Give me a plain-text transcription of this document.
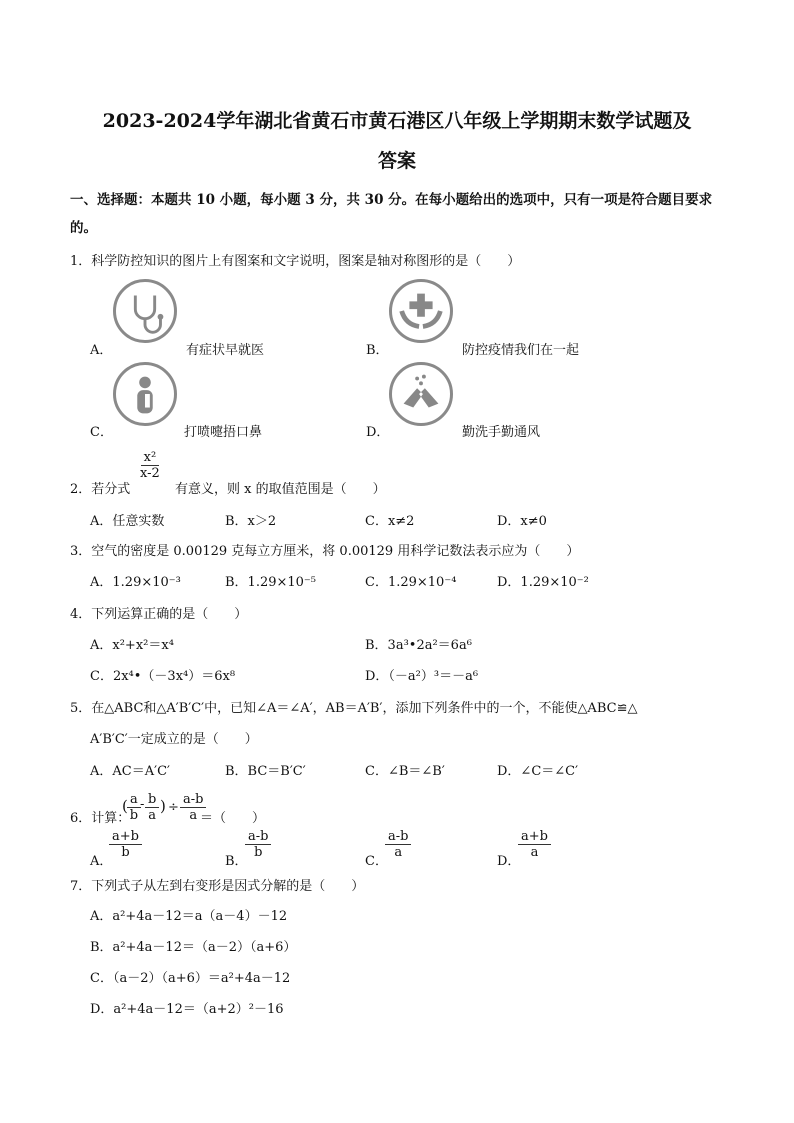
2023-2024学年湖北省黄石市黄石港区八年级上学期期末数学试题及
答案
一、选择题：本题共 10 小题，每小题 3 分，共 30 分。在每小题给出的选项中，只有一项是符合题目要求
的。
1．科学防控知识的图片上有图案和文字说明，图案是轴对称图形的是（　　）
A．	有症状早就医	B．	防控疫情我们在一起
C．	打喷嚏捂口鼻	D．	勤洗手勤通风
2．若分式
$\frac{\text{x²}}{x-2}$
有意义，则 x 的取值范围是（　　）
A．任意实数	B．x＞2	C．x≠2	D．x≠0
3．空气的密度是 0.00129 克每立方厘米，将 0.00129 用科学记数法表示应为（　　）
A．1.29×10⁻³	B．1.29×10⁻⁵	C．1.29×10⁻⁴	D．1.29×10⁻²
4．下列运算正确的是（　　）
A．x²+x²＝x⁴	B．3a³•2a²＝6a⁶
C．2x⁴•（－3x⁴）＝6x⁸	D．（－a²）³＝－a⁶
5．在△ABC和△A′B′C′中，已知∠A＝∠A′，AB＝A′B′，添加下列条件中的一个，不能使△ABC≌△
A′B′C′一定成立的是（　　）
A．AC＝A′C′	B．BC＝B′C′	C．∠B＝∠B′	D．∠C＝∠C′
6．计算：
( $\frac{a}{b} - \frac{b}{a}$ ) ÷ $\frac{a-b}{a}$
＝（　　）
A．
$\frac{a+b}{b}$
B．
$\frac{a-b}{b}$
C．
$\frac{a-b}{a}$
D．
$\frac{a+b}{a}$
7．下列式子从左到右变形是因式分解的是（　　）
A．a²+4a－12＝a（a－4）－12
B．a²+4a－12＝（a－2）（a+6）
C．（a－2）（a+6）＝a²+4a－12
D．a²+4a－12＝（a+2）²－16
